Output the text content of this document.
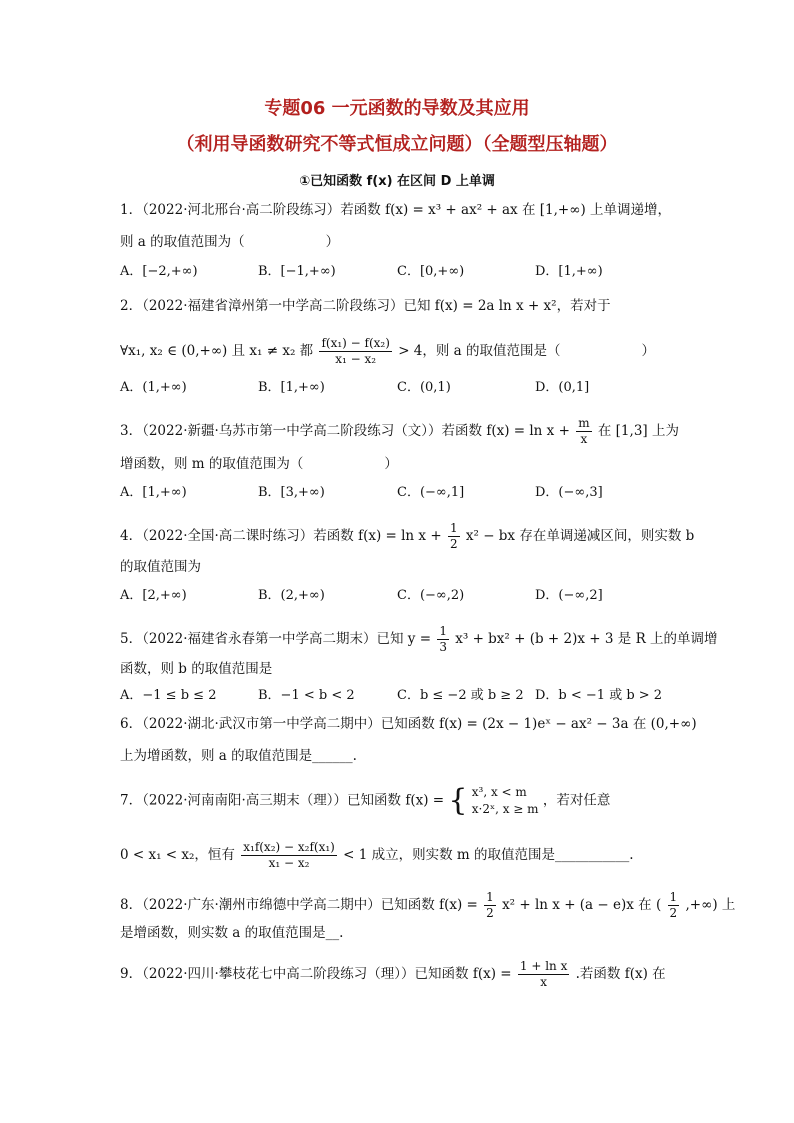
专题06 一元函数的导数及其应用
（利用导函数研究不等式恒成立问题）（全题型压轴题）
①已知函数 f(x) 在区间 D 上单调
1．（2022·河北邢台·高二阶段练习）若函数 f(x) = x³ + ax² + ax 在 [1,+∞) 上单调递增，
则 a 的取值范围为（　　　　　　）
A．[−2,+∞)	B．[−1,+∞)	C．[0,+∞)	D．[1,+∞)
2．（2022·福建省漳州第一中学高二阶段练习）已知 f(x) = 2a ln x + x²，若对于
∀x₁, x₂ ∈ (0,+∞) 且 x₁ ≠ x₂ 都 $\frac{\text{f(x₁) − f(x₂)}}{\text{x₁ − x₂}} > 4$，则 a 的取值范围是（　　　　　　）
A．(1,+∞)	B．[1,+∞)	C．(0,1)	D．(0,1]
3．（2022·新疆·乌苏市第一中学高二阶段练习（文））若函数 $f(x) = \ln x + \frac{m}{x}$ 在 [1,3] 上为
增函数，则 m 的取值范围为（　　　　　　）
A．[1,+∞)	B．[3,+∞)	C．(−∞,1]	D．(−∞,3]
4．（2022·全国·高二课时练习）若函数 $f(x) = \ln x + \frac{1}{2} x^2$ − bx 存在单调递减区间，则实数 b
的取值范围为
A．[2,+∞)	B．(2,+∞)	C．(−∞,2)	D．(−∞,2]
5．（2022·福建省永春第一中学高二期末）已知 $y = \frac{1}{3} x^3 + bx^2 + (b + 2)x + 3$ 是 R 上的单调增
函数，则 b 的取值范围是
A．−1 ≤ b ≤ 2	B．−1 < b < 2	C．b ≤ −2 或 b ≥ 2 D．b < −1 或 b > 2
6．（2022·湖北·武汉市第一中学高二期中）已知函数 f(x) = (2x − 1)eˣ − ax² − 3a 在 (0,+∞)
上为增函数，则 a 的取值范围是______.
7．（2022·河南南阳·高三期末（理））已知函数 f(x) = { x³, x < m
x·2ˣ, x ≥ m
，若对任意
0 < x₁ < x₂，恒有 $\frac{\text{x₁f(x₂) − x₂f(x₁)}}{\text{x₁ − x₂}} < 1$ 成立，则实数 m 的取值范围是___________.
8．（2022·广东·潮州市绵德中学高二期中）已知函数 $f(x) = \frac{1}{2} x^2 + \ln x + (a - e)x$ 在 ( $\frac{1}{2}$ ,+∞) 上
是增函数，则实数 a 的取值范围是__.
9．（2022·四川·攀枝花七中高二阶段练习（理））已知函数 $f(x) = \frac{\text{1 + ln x}}{x}$ .若函数 f(x) 在
